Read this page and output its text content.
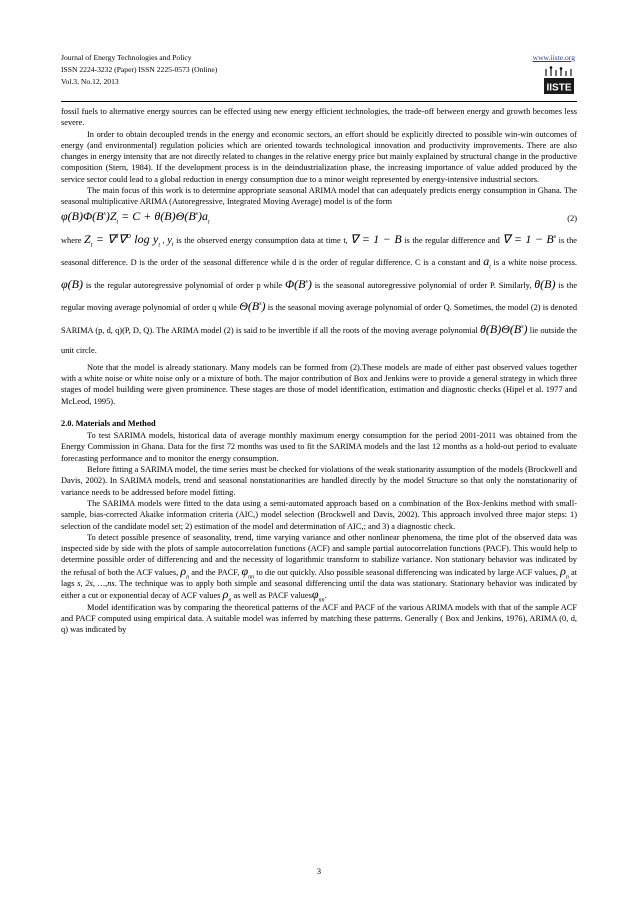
Journal of Energy Technologies and Policy
ISSN 2224-3232 (Paper) ISSN 2225-0573 (Online)
Vol.3, No.12, 2013
www.iiste.org
IISTE

fossil fuels to alternative energy sources can be effected using new energy efficient technologies, the trade-off between energy and growth becomes less severe.

In order to obtain decoupled trends in the energy and economic sectors, an effort should be explicitly directed to possible win-win outcomes of energy (and environmental) regulation policies which are oriented towards technological innovation and productivity improvements. There are also changes in energy intensity that are not directly related to changes in the relative energy price but mainly explained by structural change in the productive composition (Stern, 1984). If the development process is in the deindustrialization phase, the increasing importance of value added produced by the service sector could lead to a global reduction in energy consumption due to a minor weight represented by energy-intensive industrial sectors.

The main focus of this work is to determine appropriate seasonal ARIMA model that can adequately predicts energy consumption in Ghana. The seasonal multiplicative ARIMA (Autoregressive, Integrated Moving Average) model is of the form

$\varphi(B)\Phi(B^s)Z_t = C + \theta(B)\Theta(B^s)a_t$	(2)

where $Z_t = \nabla^d\nabla^D$ $\log y_t$ , $y_t$ is the observed energy consumption data at time t, ∇ = 1 − B is the regular difference and ∇ = $1 - B^s$ is the seasonal difference. D is the order of the seasonal difference while d is the order of regular difference. C is a constant and $a_t$ is a white noise process. φ(B) is the regular autoregressive polynomial of order p while $\Phi(B^s)$ is the seasonal autoregressive polynomial of order P. Similarly, θ(B) is the regular moving average polynomial of order q while $\Theta(B^s)$ is the seasonal moving average polynomial of order Q. Sometimes, the model (2) is denoted SARIMA (p, d, q)(P, D, Q). The ARIMA model (2) is said to be invertible if all the roots of the moving average polynomial $\theta(B)\Theta(B^s)$ lie outside the unit circle.

Note that the model is already stationary. Many models can be formed from (2).These models are made of either past observed values together with a white noise or white noise only or a mixture of both. The major contribution of Box and Jenkins were to provide a general strategy in which three stages of model building were given prominence. These stages are those of model identification, estimation and diagnostic checks (Hipel et al. 1977 and McLeod, 1995).

2.0. Materials and Method

To test SARIMA models, historical data of average monthly maximum energy consumption for the period 2001-2011 was obtained from the Energy Commission in Ghana. Data for the first 72 months was used to fit the SARIMA models and the last 12 months as a hold-out period to evaluate forecasting performance and to monitor the energy consumption.

Before fitting a SARIMA model, the time series must be checked for violations of the weak stationarity assumption of the models (Brockwell and Davis, 2002). In SARIMA models, trend and seasonal nonstationarities are handled directly by the model Structure so that only the nonstationarity of variance needs to be addressed before model fitting.

The SARIMA models were fitted to the data using a semi-automated approach based on a combination of the Box-Jenkins method with small-sample, bias-corrected Akaike information criteria (AIC,) model selection (Brockwell and Davis, 2002). This approach involved three major steps: 1) selection of the candidate model set; 2) estimation of the model and determination of AIC,; and 3) a diagnostic check.

To detect possible presence of seasonality, trend, time varying variance and other nonlinear phenomena, the time plot of the observed data was inspected side by side with the plots of sample autocorrelation functions (ACF) and sample partial autocorrelation functions (PACF). This would help to determine possible order of differencing and and the necessity of logarithmic transform to stabilize variance. Non stationary behavior was indicated by the refusal of both the ACF values, $\rho_n$ and the PACF, $\varphi_{nn}$ to die out quickly. Also possible seasonal differencing was indicated by large ACF values, $\rho_n$ at lags s, 2s, …,ns. The technique was to apply both simple and seasonal differencing until the data was stationary. Stationary behavior was indicated by either a cut or exponential decay of ACF values $\rho_n$ as well as PACF valuesφ$_{nn}$.

Model identification was by comparing the theoretical patterns of the ACF and PACF of the various ARIMA models with that of the sample ACF and PACF computed using empirical data. A suitable model was inferred by matching these patterns. Generally ( Box and Jenkins, 1976), ARIMA (0, d, q) was indicated by

3
